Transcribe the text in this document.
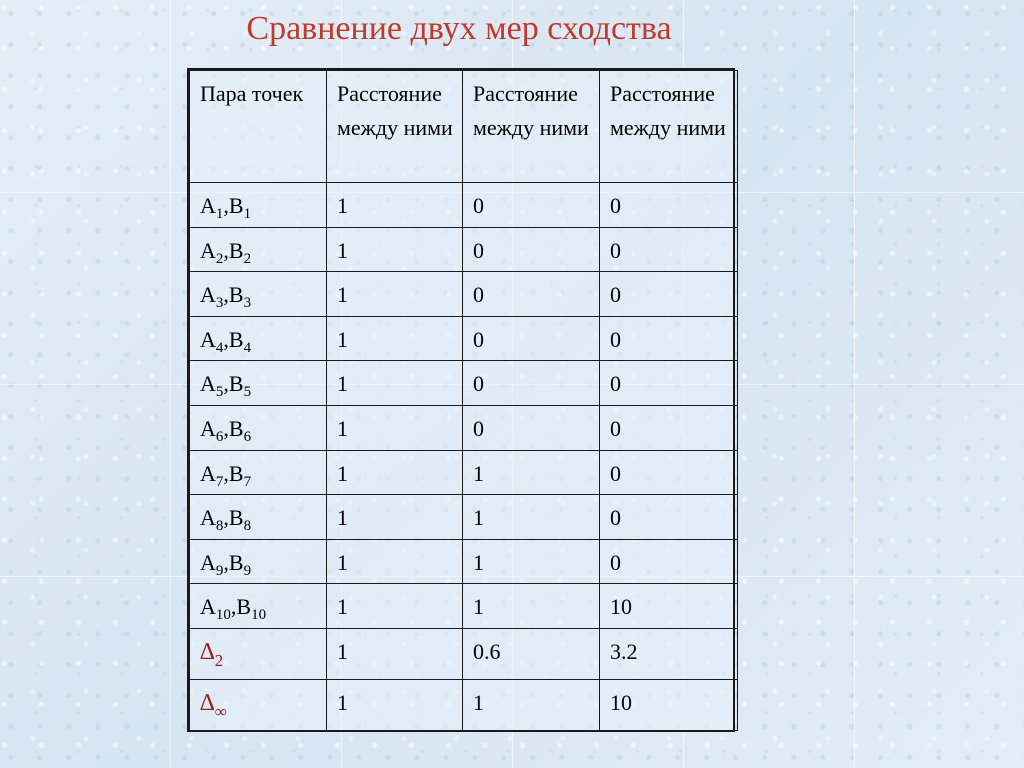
Сравнение двух мер сходства
Пара точек	Расстояние между ними	Расстояние между ними	Расстояние между ними
$A_1,B_1$	1	0	0
$A_2,B_2$	1	0	0
$A_3,B_3$	1	0	0
$A_4,B_4$	1	0	0
$A_5,B_5$	1	0	0
$A_6,B_6$	1	0	0
$A_7,B_7$	1	1	0
$A_8,B_8$	1	1	0
$A_9,B_9$	1	1	0
$A_{10},B_{10}$	1	1	10
$\Delta_2$	1	0.6	3.2
$\Delta_\infty$	1	1	10
